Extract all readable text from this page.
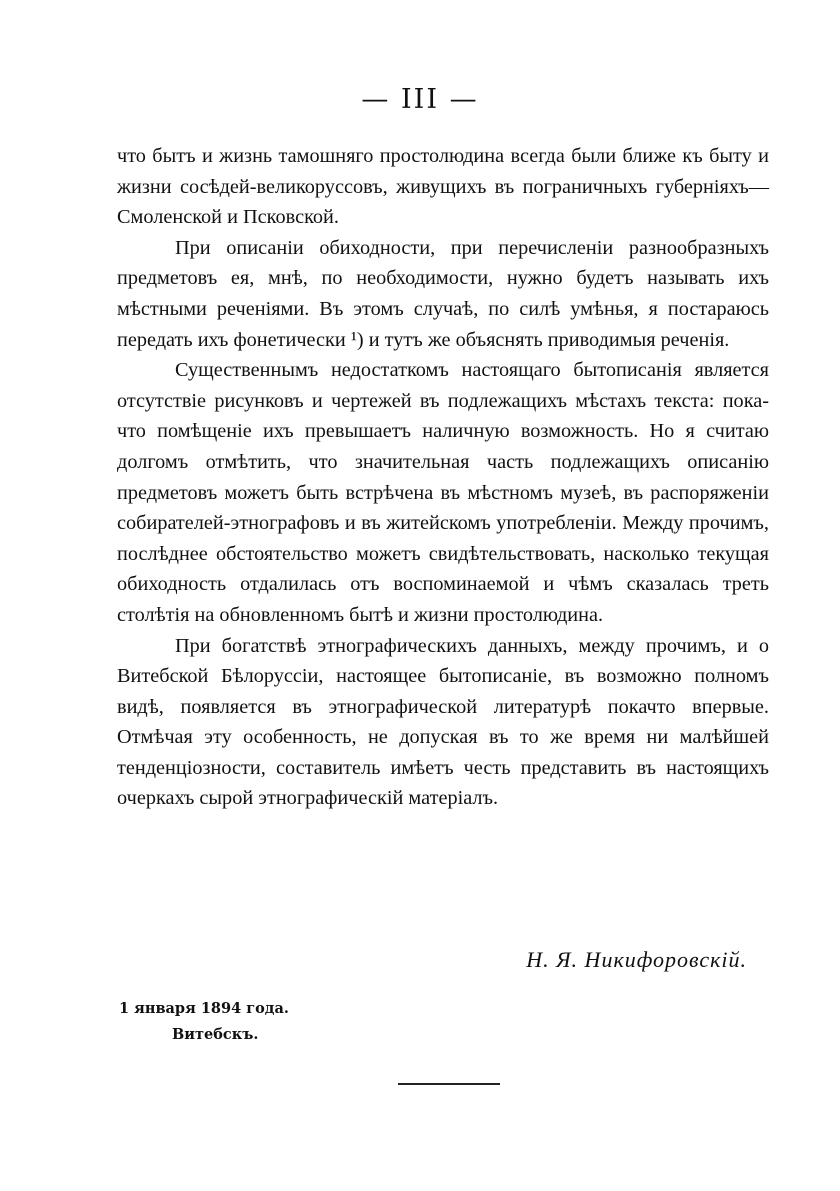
— III —

что бытъ и жизнь тамошняго простолюдина всегда были ближе къ быту и жизни сосѣдей-великоруссовъ, живущихъ въ пограничныхъ губерніяхъ—Смоленской и Псковской.

При описаніи обиходности, при перечисленіи разнообразныхъ предметовъ ея, мнѣ, по необходимости, нужно будетъ называть ихъ мѣстными реченіями. Въ этомъ случаѣ, по силѣ умѣнья, я постараюсь передать ихъ фонетически ¹) и тутъ же объяснять приводимыя реченія.

Существеннымъ недостаткомъ настоящаго бытописанія является отсутствіе рисунковъ и чертежей въ подлежащихъ мѣстахъ текста: пока-что помѣщеніе ихъ превышаетъ наличную возможность. Но я считаю долгомъ отмѣтить, что значительная часть подлежащихъ описанію предметовъ можетъ быть встрѣчена въ мѣстномъ музеѣ, въ распоряженіи собирателей-этнографовъ и въ житейскомъ употребленіи. Между прочимъ, послѣднее обстоятельство можетъ свидѣтельствовать, насколько текущая обиходность отдалилась отъ воспоминаемой и чѣмъ сказалась треть столѣтія на обновленномъ бытѣ и жизни простолюдина.

При богатствѣ этнографическихъ данныхъ, между прочимъ, и о Витебской Бѣлоруссіи, настоящее бытописаніе, въ возможно полномъ видѣ, появляется въ этнографической литературѣ покачто впервые. Отмѣчая эту особенность, не допуская въ то же время ни малѣйшей тенденціозности, составитель имѣетъ честь представить въ настоящихъ очеркахъ сырой этнографическій матеріалъ.

Н. Я. Никифоровскій.
1 января 1894 года.
Витебскъ.
